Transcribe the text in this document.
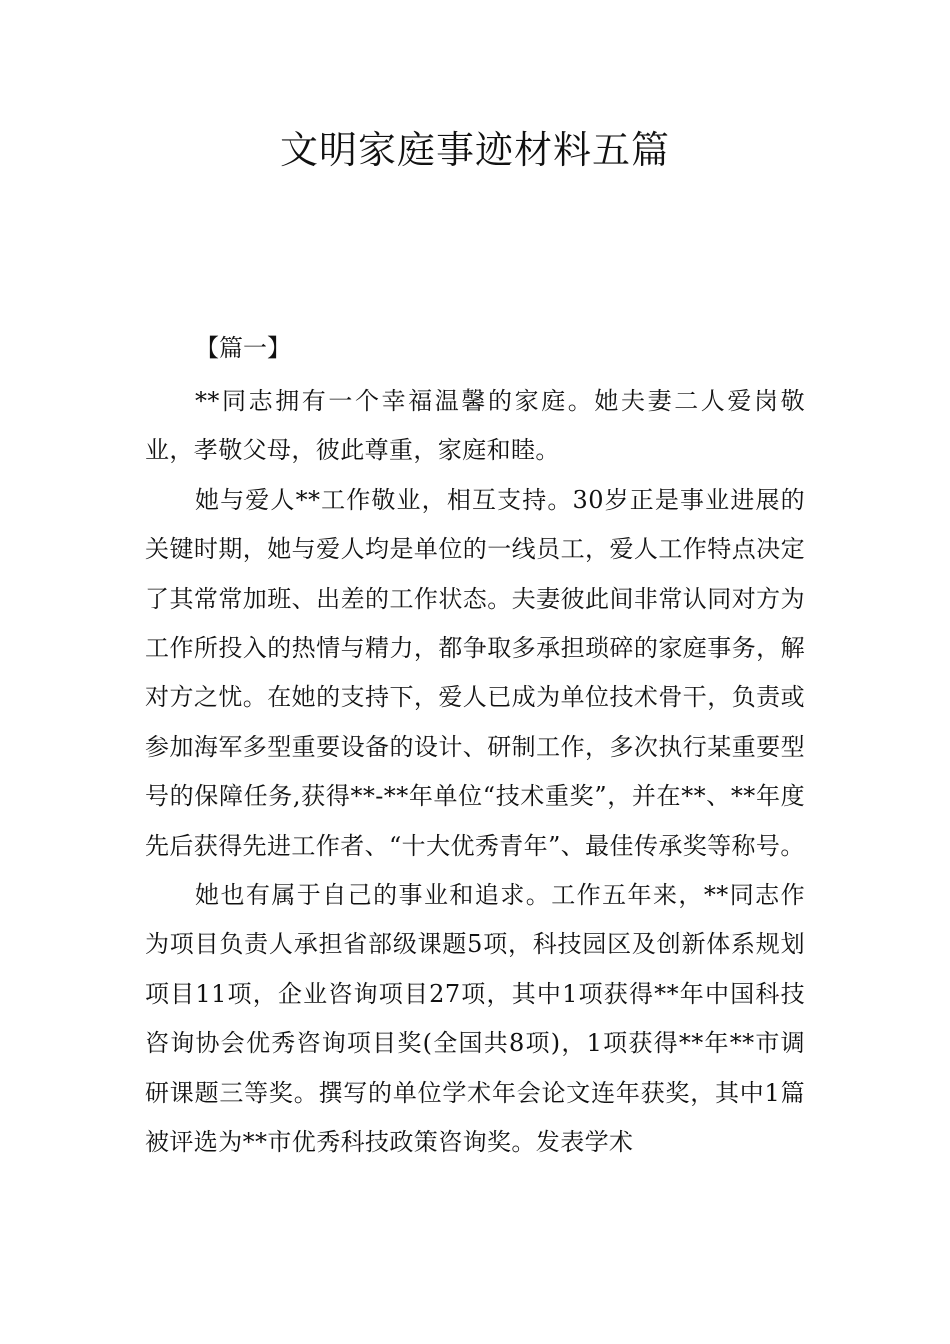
文明家庭事迹材料五篇

【篇一】

**同志拥有一个幸福温馨的家庭。她夫妻二人爱岗敬业，孝敬父母，彼此尊重，家庭和睦。

她与爱人**工作敬业，相互支持。30岁正是事业进展的关键时期，她与爱人均是单位的一线员工，爱人工作特点决定了其常常加班、出差的工作状态。夫妻彼此间非常认同对方为工作所投入的热情与精力，都争取多承担琐碎的家庭事务，解对方之忧。在她的支持下，爱人已成为单位技术骨干，负责或参加海军多型重要设备的设计、研制工作，多次执行某重要型号的保障任务,获得**-**年单位“技术重奖”，并在**、**年度先后获得先进工作者、“十大优秀青年”、最佳传承奖等称号。

她也有属于自己的事业和追求。工作五年来，**同志作为项目负责人承担省部级课题5项，科技园区及创新体系规划项目11项，企业咨询项目27项，其中1项获得**年中国科技咨询协会优秀咨询项目奖(全国共8项)，1项获得**年**市调研课题三等奖。撰写的单位学术年会论文连年获奖，其中1篇被评选为**市优秀科技政策咨询奖。发表学术
